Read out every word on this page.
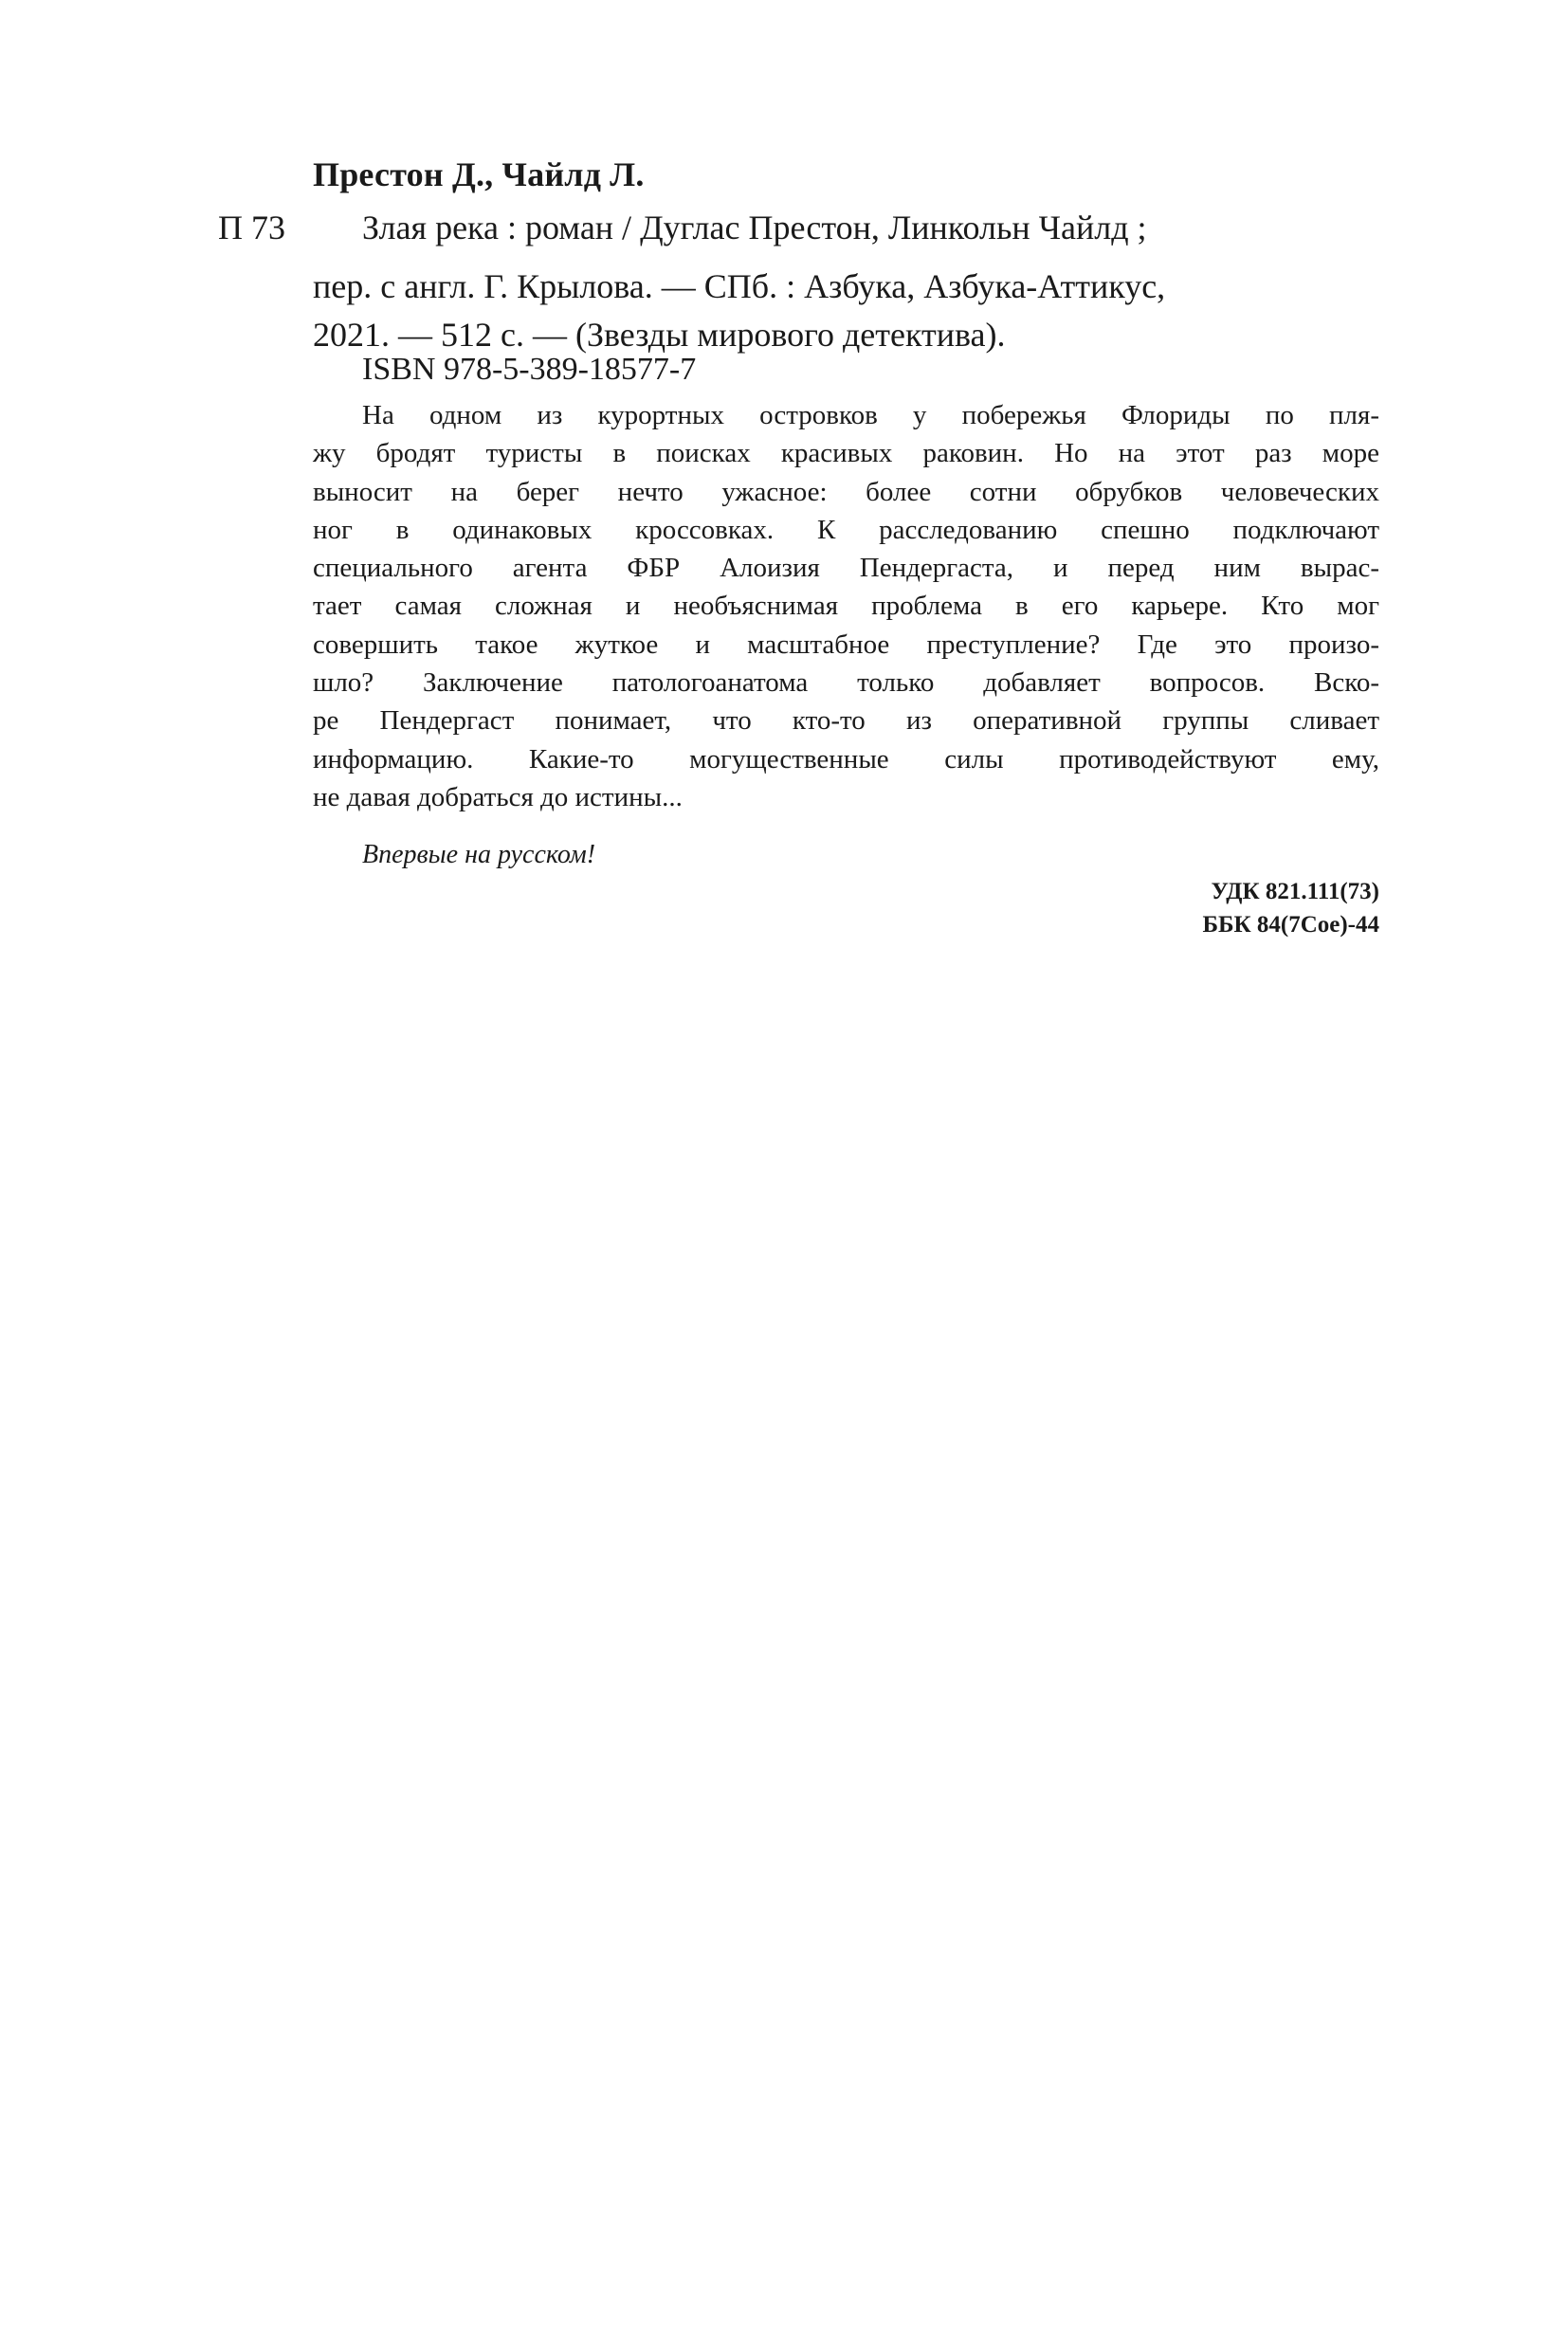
Престон Д., Чайлд Л.
П 73 Злая река : роман / Дуглас Престон, Линкольн Чайлд ;
пер. с англ. Г. Крылова. — СПб. : Азбука, Азбука-Аттикус,
2021. — 512 с. — (Звезды мирового детектива).
ISBN 978-5-389-18577-7
На одном из курортных островков у побережья Флориды по пля-
жу бродят туристы в поисках красивых раковин. Но на этот раз море
выносит на берег нечто ужасное: более сотни обрубков человеческих
ног в одинаковых кроссовках. К расследованию спешно подключают
специального агента ФБР Алоизия Пендергаста, и перед ним вырас-
тает самая сложная и необъяснимая проблема в его карьере. Кто мог
совершить такое жуткое и масштабное преступление? Где это произо-
шло? Заключение патологоанатома только добавляет вопросов. Вско-
ре Пендергаст понимает, что кто-то из оперативной группы сливает
информацию. Какие-то могущественные силы противодействуют ему,
не давая добраться до истины...
Впервые на русском!
УДК 821.111(73)
ББК 84(7Сое)-44
